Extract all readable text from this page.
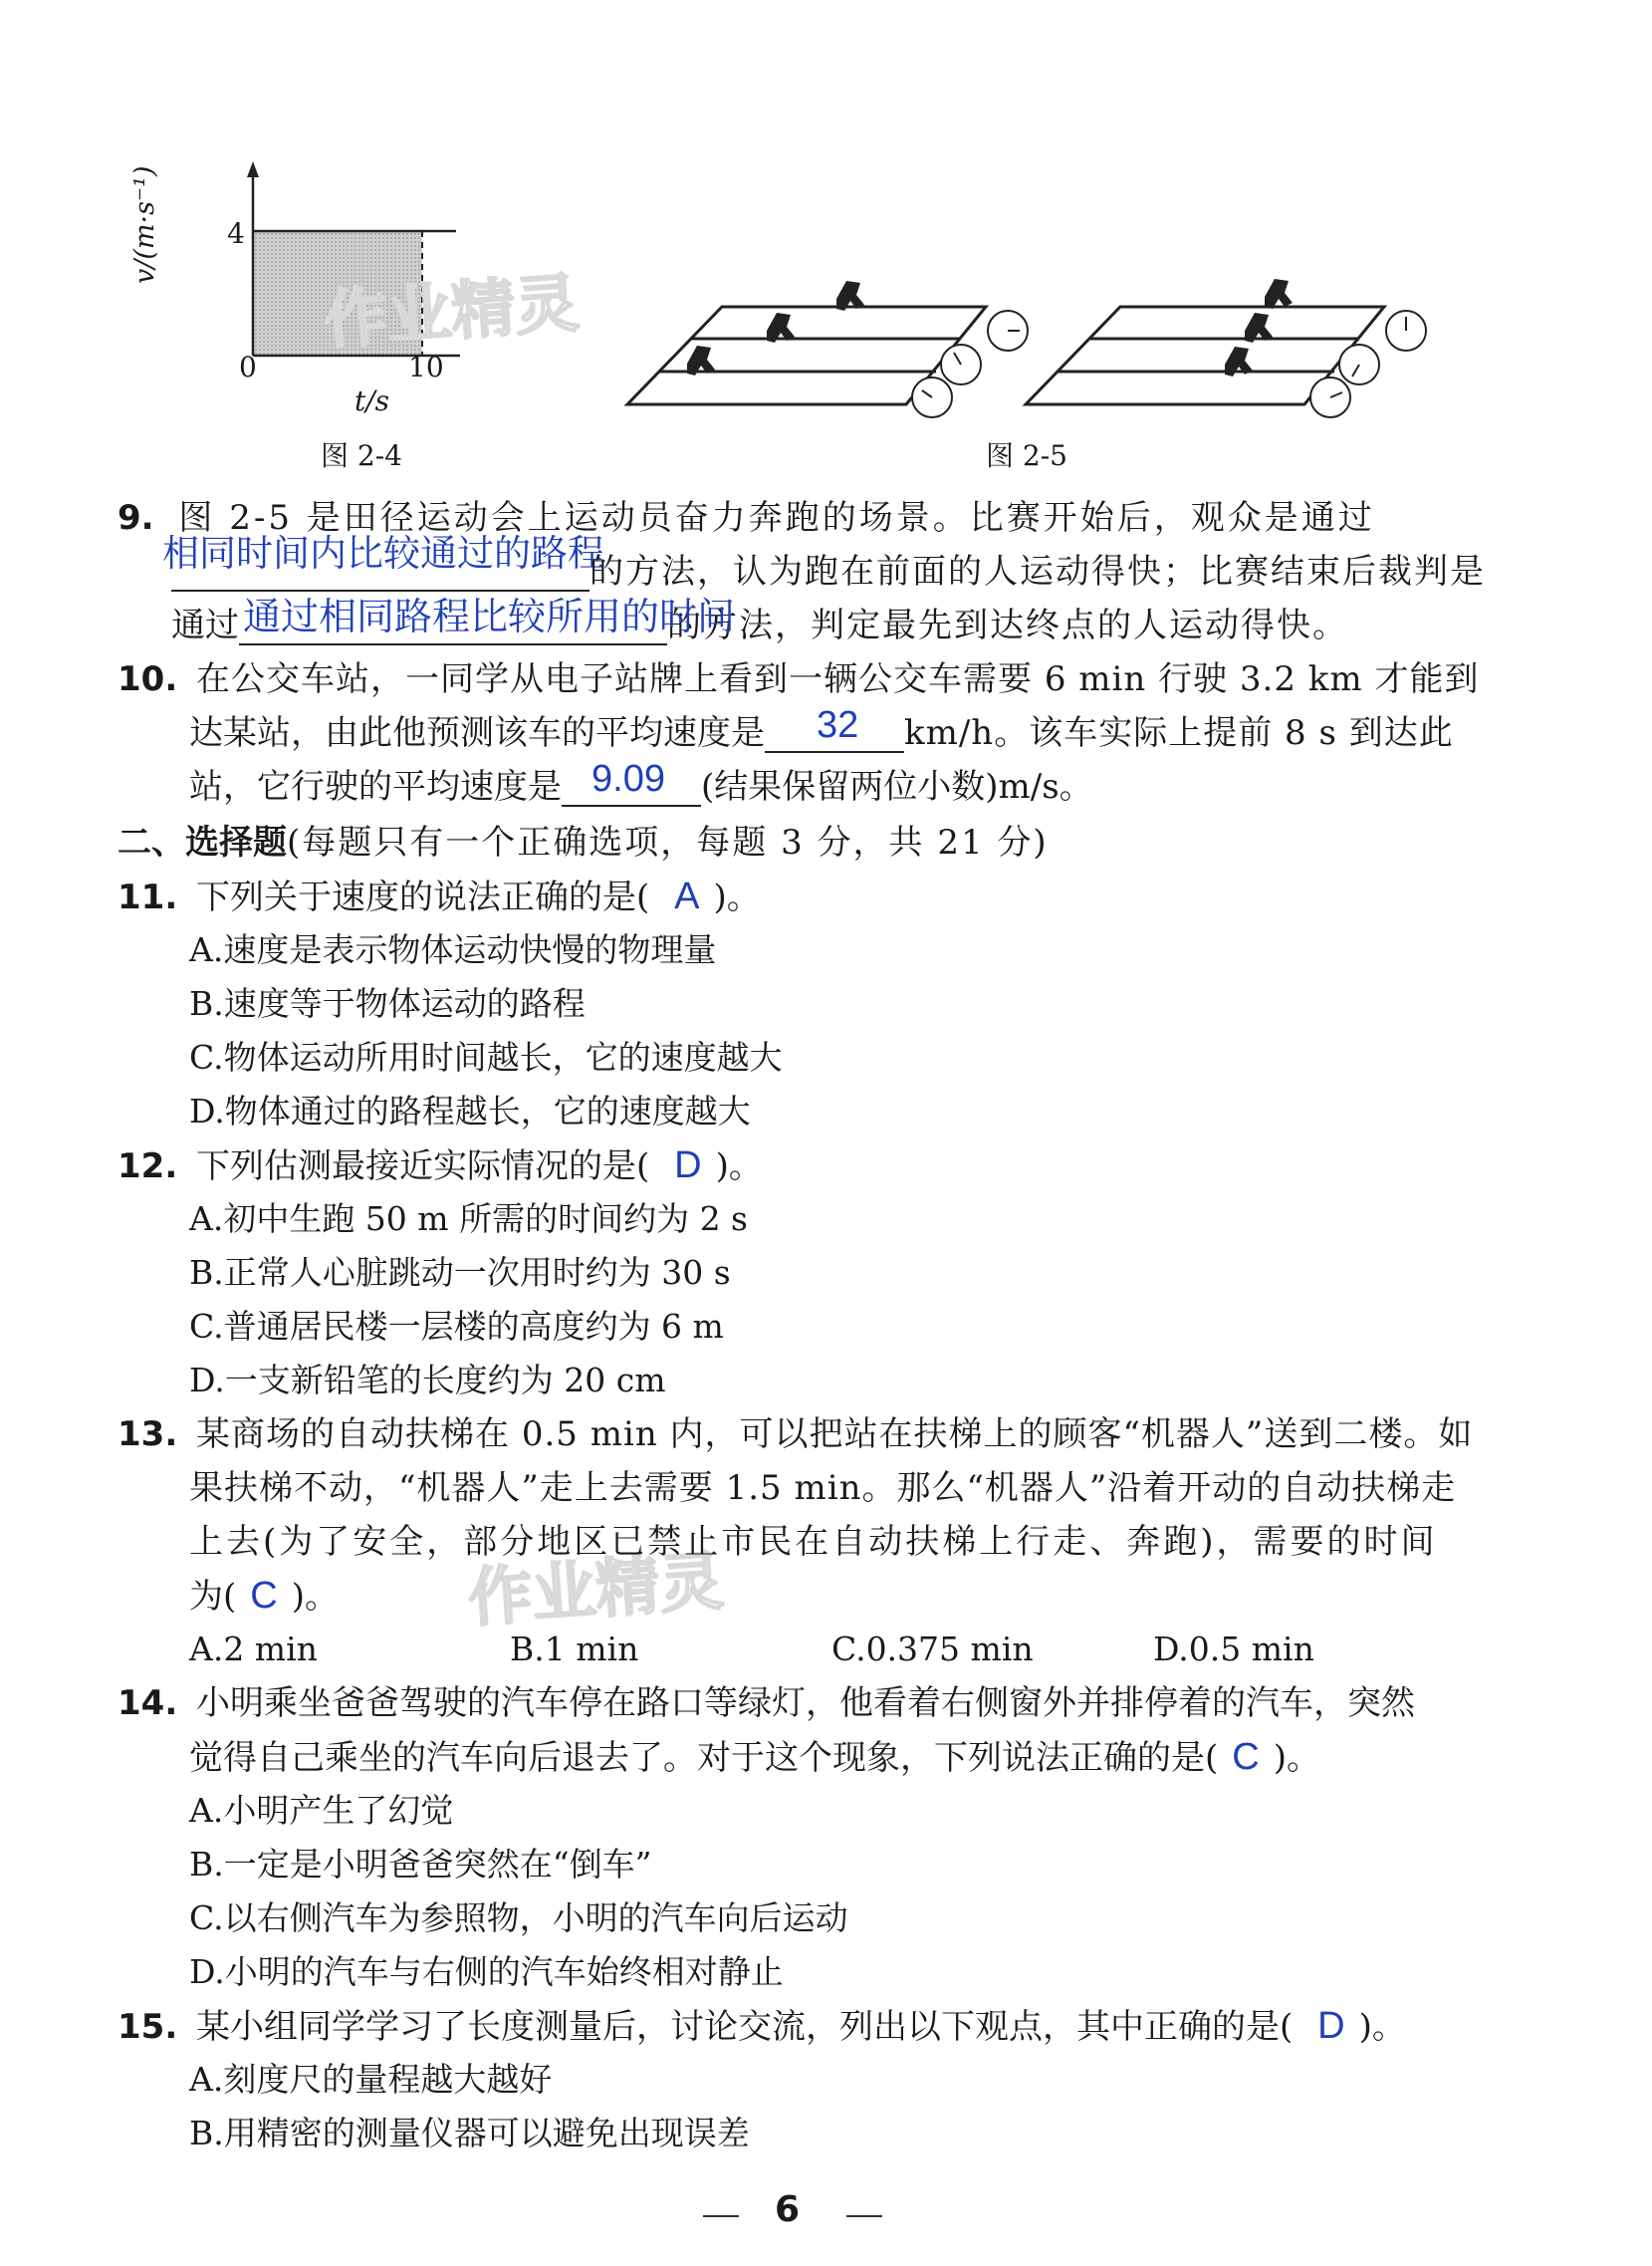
v/(m·s⁻¹) 4
0	10
t/s
图 2-4	图 2-5
作业精灵
作业精灵
9. 图 2-5 是田径运动会上运动员奋力奔跑的场景。比赛开始后，观众是通过
相同时间内比较通过的路程
的方法，认为跑在前面的人运动得快；比赛结束后裁判是
通过 通过相同路程比较所用的时间
的方法，判定最先到达终点的人运动得快。
10. 在公交车站，一同学从电子站牌上看到一辆公交车需要 6 min 行驶 3.2 km 才能到
达某站，由此他预测该车的平均速度是 32 km/h。该车实际上提前 8 s 到达此
站，它行驶的平均速度是 9.09 (结果保留两位小数)m/s。
二、选择题(每题只有一个正确选项，每题 3 分，共 21 分)
11. 下列关于速度的说法正确的是( A )。
A.速度是表示物体运动快慢的物理量
B.速度等于物体运动的路程
C.物体运动所用时间越长，它的速度越大
D.物体通过的路程越长，它的速度越大
12. 下列估测最接近实际情况的是( D )。
A.初中生跑 50 m 所需的时间约为 2 s
B.正常人心脏跳动一次用时约为 30 s
C.普通居民楼一层楼的高度约为 6 m
D.一支新铅笔的长度约为 20 cm
13. 某商场的自动扶梯在 0.5 min 内，可以把站在扶梯上的顾客“机器人”送到二楼。如
果扶梯不动，“机器人”走上去需要 1.5 min。那么“机器人”沿着开动的自动扶梯走
上去(为了安全，部分地区已禁止市民在自动扶梯上行走、奔跑)，需要的时间
为( C )。
A.2 min	B.1 min	C.0.375 min	D.0.5 min
14. 小明乘坐爸爸驾驶的汽车停在路口等绿灯，他看着右侧窗外并排停着的汽车，突然
觉得自己乘坐的汽车向后退去了。对于这个现象，下列说法正确的是( C )。
A.小明产生了幻觉
B.一定是小明爸爸突然在“倒车”
C.以右侧汽车为参照物，小明的汽车向后运动
D.小明的汽车与右侧的汽车始终相对静止
15. 某小组同学学习了长度测量后，讨论交流，列出以下观点，其中正确的是( D )。
A.刻度尺的量程越大越好
B.用精密的测量仪器可以避免出现误差
6
